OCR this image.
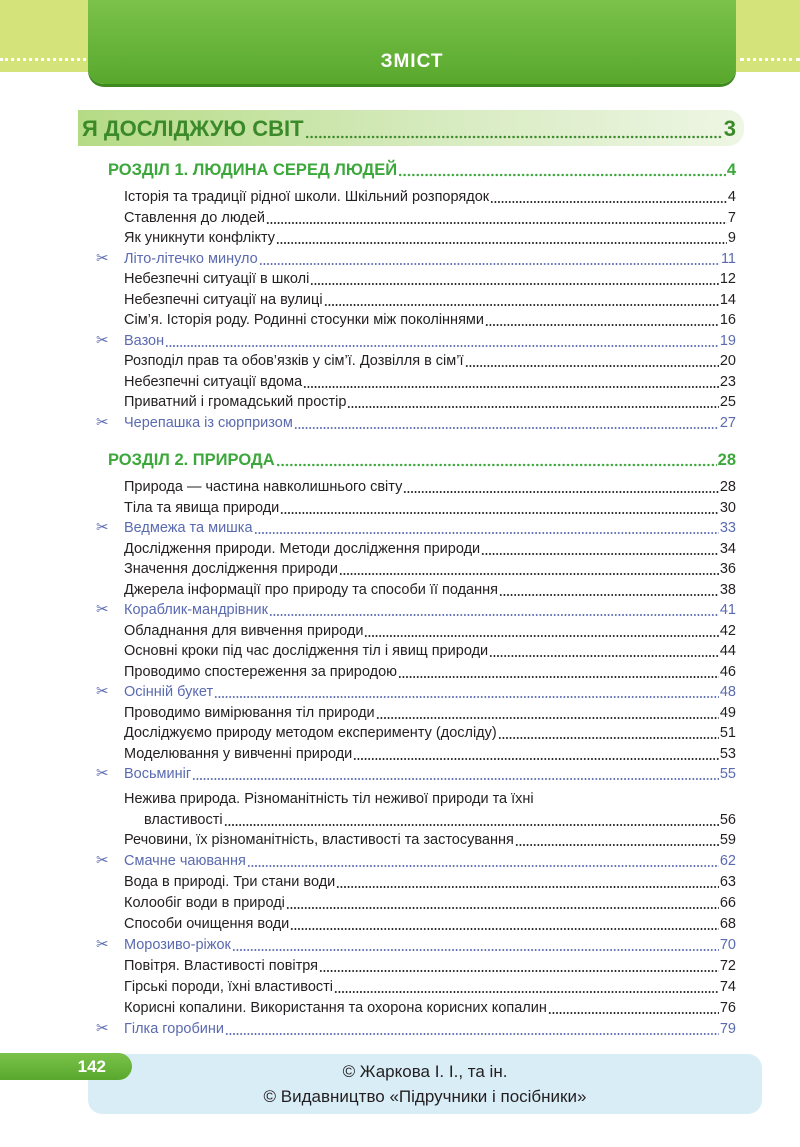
ЗМІСТ
Я ДОСЛІДЖУЮ СВІТ	3
РОЗДІЛ 1. ЛЮДИНА СЕРЕД ЛЮДЕЙ	4
Історія та традиції рідної школи. Шкільний розпорядок	4
Ставлення до людей	7
Як уникнути конфлікту	9
✂ Літо-літечко минуло	11
Небезпечні ситуації в школі	12
Небезпечні ситуації на вулиці	14
Сім’я. Історія роду. Родинні стосунки між поколіннями	16
✂ Вазон	19
Розподіл прав та обов’язків у сім’ї. Дозвілля в сім’ї	20
Небезпечні ситуації вдома	23
Приватний і громадський простір	25
✂ Черепашка із сюрпризом	27
РОЗДІЛ 2. ПРИРОДА	28
Природа — частина навколишнього світу	28
Тіла та явища природи	30
✂ Ведмежа та мишка	33
Дослідження природи. Методи дослідження природи	34
Значення дослідження природи	36
Джерела інформації про природу та способи її подання	38
✂ Кораблик-мандрівник	41
Обладнання для вивчення природи	42
Основні кроки під час дослідження тіл і явищ природи	44
Проводимо спостереження за природою	46
✂ Осінній букет	48
Проводимо вимірювання тіл природи	49
Досліджуємо природу методом експерименту (досліду)	51
Моделювання у вивченні природи	53
✂ Восьминіг	55
Нежива природа. Різноманітність тіл неживої природи та їхні
властивості	56
Речовини, їх різноманітність, властивості та застосування	59
✂ Смачне чаювання	62
Вода в природі. Три стани води	63
Колообіг води в природі	66
Способи очищення води	68
✂ Морозиво-ріжок	70
Повітря. Властивості повітря	72
Гірські породи, їхні властивості	74
Корисні копалини. Використання та охорона корисних копалин	76
✂ Гілка горобини	79
142	© Жаркова І. І., та ін.
© Видавництво «Підручники і посібники»
